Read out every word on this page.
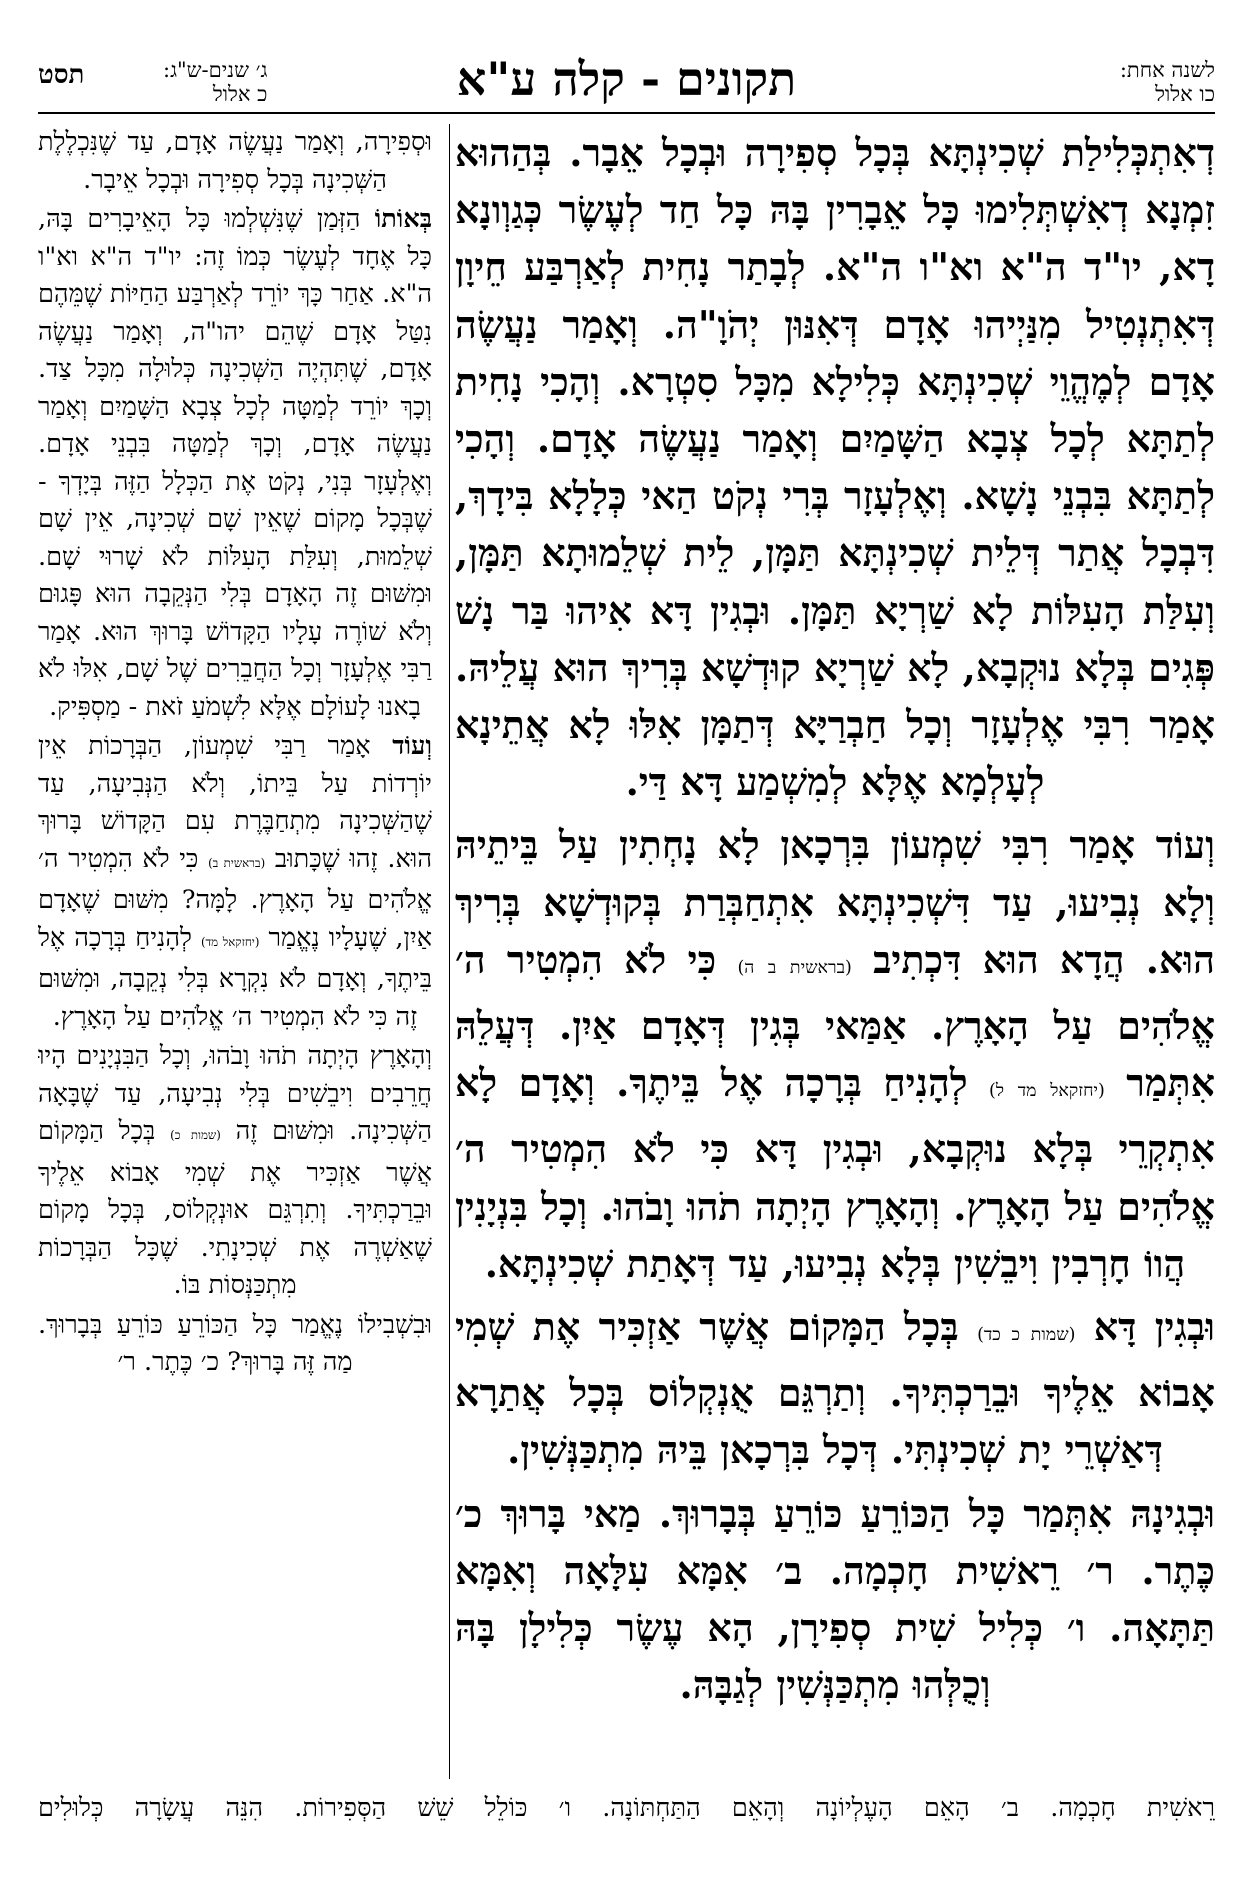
לשנה אחת:
כו אלול
תקונים - קלה ע"א
ג׳ שנים-ש"ג:
כ אלול
תסט

דְאִתְכְּלִילַת שְׁכִינְתָּא בְּכָל סְפִירָה וּבְכָל אֵבָר. בְּהַהוּא זִמְנָא דְאִשְׁתְּלִימוּ כָּל אֵבָרִין בָּהּ כָּל חַד לְעֶשֶׂר כְּגַוְונָא דָא, יו"ד ה"א וא"ו ה"א. לְבָתַר נָחִית לְאַרְבַּע חֵיוָן דְּאִתְנְטִיל מִנַּיְיהוּ אָדָם דְּאִנּוּן יְהֹוָ"ה. וְאָמַר נַעֲשֶׂה אָדָם לְמֶהֱוֵי שְׁכִינְתָּא כְּלִילָא מִכָּל סִטְרָא. וְהָכִי נָחִית לְתַתָּא לְכָל צְבָא הַשָּׁמַיִם וְאָמַר נַעֲשֶׂה אָדָם. וְהָכִי לְתַתָּא בִּבְנֵי נָשָׁא. וְאֶלְעָזָר בְּרִי נְקֹט הַאי כְּלָלָא בִּידָךְ, דִּבְכָל אֲתַר דְּלֵית שְׁכִינְתָּא תַּמָּן, לֵית שְׁלֵמוּתָא תַּמָּן, וְעִלַּת הָעִלּוֹת לָא שַׁרְיָא תַּמָּן. וּבְגִין דָּא אִיהוּ בַּר נָשׁ פְּגִים בְּלָא נוּקְבָא, לָא שַׁרְיָא קוּדְשָׁא בְּרִיךְ הוּא עֲלֵיהּ. אָמַר רִבִּי אֶלְעָזָר וְכָל חַבְרַיָּא דְּתַמָּן אִלּוּ לָא אֲתֵינָא לְעָלְמָא אֶלָּא לְמִשְׁמַע דָּא דַּי.

וְעוֹד אָמַר רִבִּי שִׁמְעוֹן בִּרְכָאן לָא נָחְתִין עַל בֵּיתֵיהּ וְלָא נְבִיעוּ, עַד דִּשְׁכִינְתָּא אִתְחַבְּרַת בְּקוּדְשָׁא בְּרִיךְ הוּא. הֲדָא הוּא דִּכְתִיב (בראשית ב ה) כִּי לֹא הִמְטִיר ה׳ אֱלֹהִים עַל הָאָרֶץ. אַמַּאי בְּגִין דְּאָדָם אַיִן. דְּעֲלֵהּ אִתְּמַר (יחזקאל מד ל) לְהָנִיחַ בְּרָכָה אֶל בֵּיתֶךָ. וְאָדָם לָא אִתְקְרֵי בְּלָא נוּקְבָא, וּבְגִין דָּא כִּי לֹא הִמְטִיר ה׳ אֱלֹהִים עַל הָאָרֶץ. וְהָאָרֶץ הָיְתָה תֹהוּ וָבֹהוּ. וְכָל בִּנְיָנִין הֲווֹ חָרְבִין וִיבֵשִׁין בְּלָא נְבִיעוּ, עַד דְּאָתַת שְׁכִינְתָּא.

וּבְגִין דָּא (שמות כ כד) בְּכָל הַמָּקוֹם אֲשֶׁר אַזְכִּיר אֶת שְׁמִי אָבוֹא אֵלֶיךָ וּבֵרַכְתִּיךָ. וְתַרְגֵּם אֻנְקְלוֹס בְּכָל אֲתַרָא דְּאַשְׁרֵי יָת שְׁכִינְתִּי. דְּכָל בִּרְכָאן בֵּיהּ מִתְכַּנְּשִׁין.

וּבְגִינָהּ אִתְּמַר כָּל הַכּוֹרֵעַ כּוֹרֵעַ בְּבָרוּךְ. מַאי בָּרוּךְ כ׳ כֶּתֶר. ר׳ רֵאשִׁית חָכְמָה. ב׳ אִמָּא עִלָּאָה וְאִמָּא תַּתָּאָה. ו׳ כְּלִיל שִׁית סְפִירָן, הָא עֶשֶׂר כְּלִילָן בָּהּ וְכֻלְּהוּ מִתְכַּנְּשִׁין לְגַבָּהּ.

וּסְפִירָה, וְאָמַר נַעֲשֶׂה אָדָם, עַד שֶׁנִּכְלֶלֶת הַשְּׁכִינָה בְּכָל סְפִירָה וּבְכָל אֵיבָר.

בְּאוֹתוֹ הַזְּמַן שֶׁנִּשְׁלְמוּ כָּל הָאֵיבָרִים בָּהּ, כָּל אֶחָד לְעֶשֶׂר כְּמוֹ זֶה: יו"ד ה"א וא"ו ה"א. אַחַר כָּךְ יוֹרֵד לְאַרְבַּע הַחַיּוֹת שֶׁמֵּהֶם נִטַּל אָדָם שֶׁהֵם יהו"ה, וְאָמַר נַעֲשֶׂה אָדָם, שֶׁתִּהְיֶה הַשְּׁכִינָה כְּלוּלָה מִכָּל צַד. וְכָךְ יוֹרֵד לְמַטָּה לְכָל צְבָא הַשָּׁמַיִם וְאָמַר נַעֲשֶׂה אָדָם, וְכָךְ לְמַטָּה בִּבְנֵי אָדָם. וְאֶלְעָזָר בְּנִי, נְקֹט אֶת הַכְּלָל הַזֶּה בְּיָדְךָ - שֶׁבְּכָל מָקוֹם שֶׁאֵין שָׁם שְׁכִינָה, אֵין שָׁם שְׁלֵמוּת, וְעִלַּת הָעִלּוֹת לֹא שָׁרוּי שָׁם. וּמִשּׁוּם זֶה הָאָדָם בְּלִי הַנְּקֵבָה הוּא פָּגוּם וְלֹא שׁוֹרֶה עָלָיו הַקָּדוֹשׁ בָּרוּךְ הוּא. אָמַר רַבִּי אֶלְעָזָר וְכָל הַחֲבֵרִים שֶׁל שָׁם, אִלּוּ לֹא בָאנוּ לָעוֹלָם אֶלָּא לִשְׁמֹעַ זֹאת - מַסְפִּיק.

וְעוֹד אָמַר רַבִּי שִׁמְעוֹן, הַבְּרָכוֹת אֵין יוֹרְדוֹת עַל בֵּיתוֹ, וְלֹא הַנְּבִיעָה, עַד שֶׁהַשְּׁכִינָה מִתְחַבֶּרֶת עִם הַקָּדוֹשׁ בָּרוּךְ הוּא. זֶהוּ שֶׁכָּתוּב (בראשית ב) כִּי לֹא הִמְטִיר ה׳ אֱלֹהִים עַל הָאָרֶץ. לָמָּה? מִשּׁוּם שֶׁאָדָם אַיִן, שֶׁעָלָיו נֶאֱמַר (יחזקאל מד) לְהָנִיחַ בְּרָכָה אֶל בֵּיתֶךָ, וְאָדָם לֹא נִקְרָא בְּלִי נְקֵבָה, וּמִשּׁוּם זֶה כִּי לֹא הִמְטִיר ה׳ אֱלֹהִים עַל הָאָרֶץ.

וְהָאָרֶץ הָיְתָה תֹהוּ וָבֹהוּ, וְכָל הַבִּנְיָנִים הָיוּ חֲרֵבִים וִיבֵשִׁים בְּלִי נְבִיעָה, עַד שֶׁבָּאָה הַשְּׁכִינָה. וּמִשּׁוּם זֶה (שמות כ) בְּכָל הַמָּקוֹם אֲשֶׁר אַזְכִּיר אֶת שְׁמִי אָבוֹא אֵלֶיךָ וּבֵרַכְתִּיךָ. וְתִרְגֵּם אוּנְקְלוֹס, בְּכָל מָקוֹם שֶׁאַשְׁרֶה אֶת שְׁכִינָתִי. שֶׁכָּל הַבְּרָכוֹת מִתְכַּנְּסוֹת בּוֹ.

וּבִשְׁבִילוֹ נֶאֱמַר כָּל הַכּוֹרֵעַ כּוֹרֵעַ בְּבָרוּךְ. מַה זֶּה בָּרוּךְ? כ׳ כֶּתֶר. ר׳

רֵאשִׁית חָכְמָה. ב׳ הָאֵם הָעֶלְיוֹנָה וְהָאֵם הַתַּחְתּוֹנָה. ו׳ כּוֹלֵל שֵׁשׁ הַסְּפִירוֹת. הִנֵּה עֲשָׂרָה כְּלוּלִים
